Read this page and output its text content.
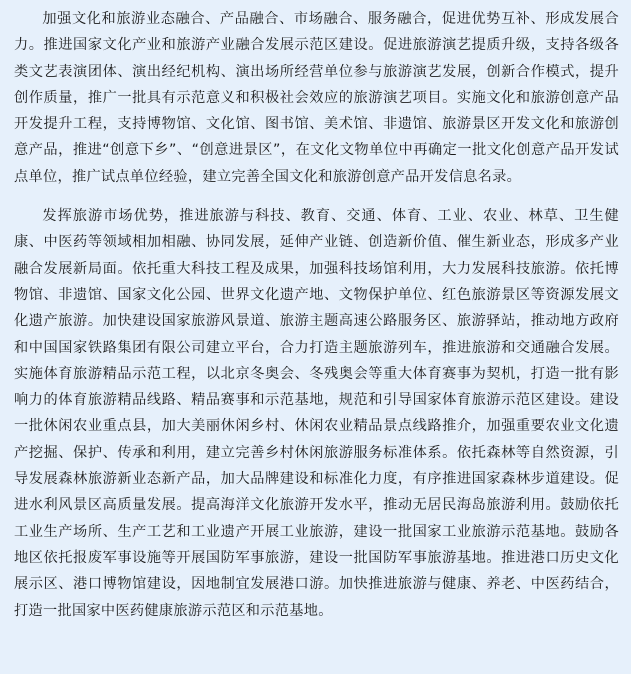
加强文化和旅游业态融合、产品融合、市场融合、服务融合，促进优势互补、形成发展合力。推进国家文化产业和旅游产业融合发展示范区建设。促进旅游演艺提质升级，支持各级各类文艺表演团体、演出经纪机构、演出场所经营单位参与旅游演艺发展，创新合作模式，提升创作质量，推广一批具有示范意义和积极社会效应的旅游演艺项目。实施文化和旅游创意产品开发提升工程，支持博物馆、文化馆、图书馆、美术馆、非遗馆、旅游景区开发文化和旅游创意产品，推进“创意下乡”、“创意进景区”，在文化文物单位中再确定一批文化创意产品开发试点单位，推广试点单位经验，建立完善全国文化和旅游创意产品开发信息名录。

发挥旅游市场优势，推进旅游与科技、教育、交通、体育、工业、农业、林草、卫生健康、中医药等领域相加相融、协同发展，延伸产业链、创造新价值、催生新业态，形成多产业融合发展新局面。依托重大科技工程及成果，加强科技场馆利用，大力发展科技旅游。依托博物馆、非遗馆、国家文化公园、世界文化遗产地、文物保护单位、红色旅游景区等资源发展文化遗产旅游。加快建设国家旅游风景道、旅游主题高速公路服务区、旅游驿站，推动地方政府和中国国家铁路集团有限公司建立平台，合力打造主题旅游列车，推进旅游和交通融合发展。实施体育旅游精品示范工程，以北京冬奥会、冬残奥会等重大体育赛事为契机，打造一批有影响力的体育旅游精品线路、精品赛事和示范基地，规范和引导国家体育旅游示范区建设。建设一批休闲农业重点县，加大美丽休闲乡村、休闲农业精品景点线路推介，加强重要农业文化遗产挖掘、保护、传承和利用，建立完善乡村休闲旅游服务标准体系。依托森林等自然资源，引导发展森林旅游新业态新产品，加大品牌建设和标准化力度，有序推进国家森林步道建设。促进水利风景区高质量发展。提高海洋文化旅游开发水平，推动无居民海岛旅游利用。鼓励依托工业生产场所、生产工艺和工业遗产开展工业旅游，建设一批国家工业旅游示范基地。鼓励各地区依托报废军事设施等开展国防军事旅游，建设一批国防军事旅游基地。推进港口历史文化展示区、港口博物馆建设，因地制宜发展港口游。加快推进旅游与健康、养老、中医药结合，打造一批国家中医药健康旅游示范区和示范基地。
